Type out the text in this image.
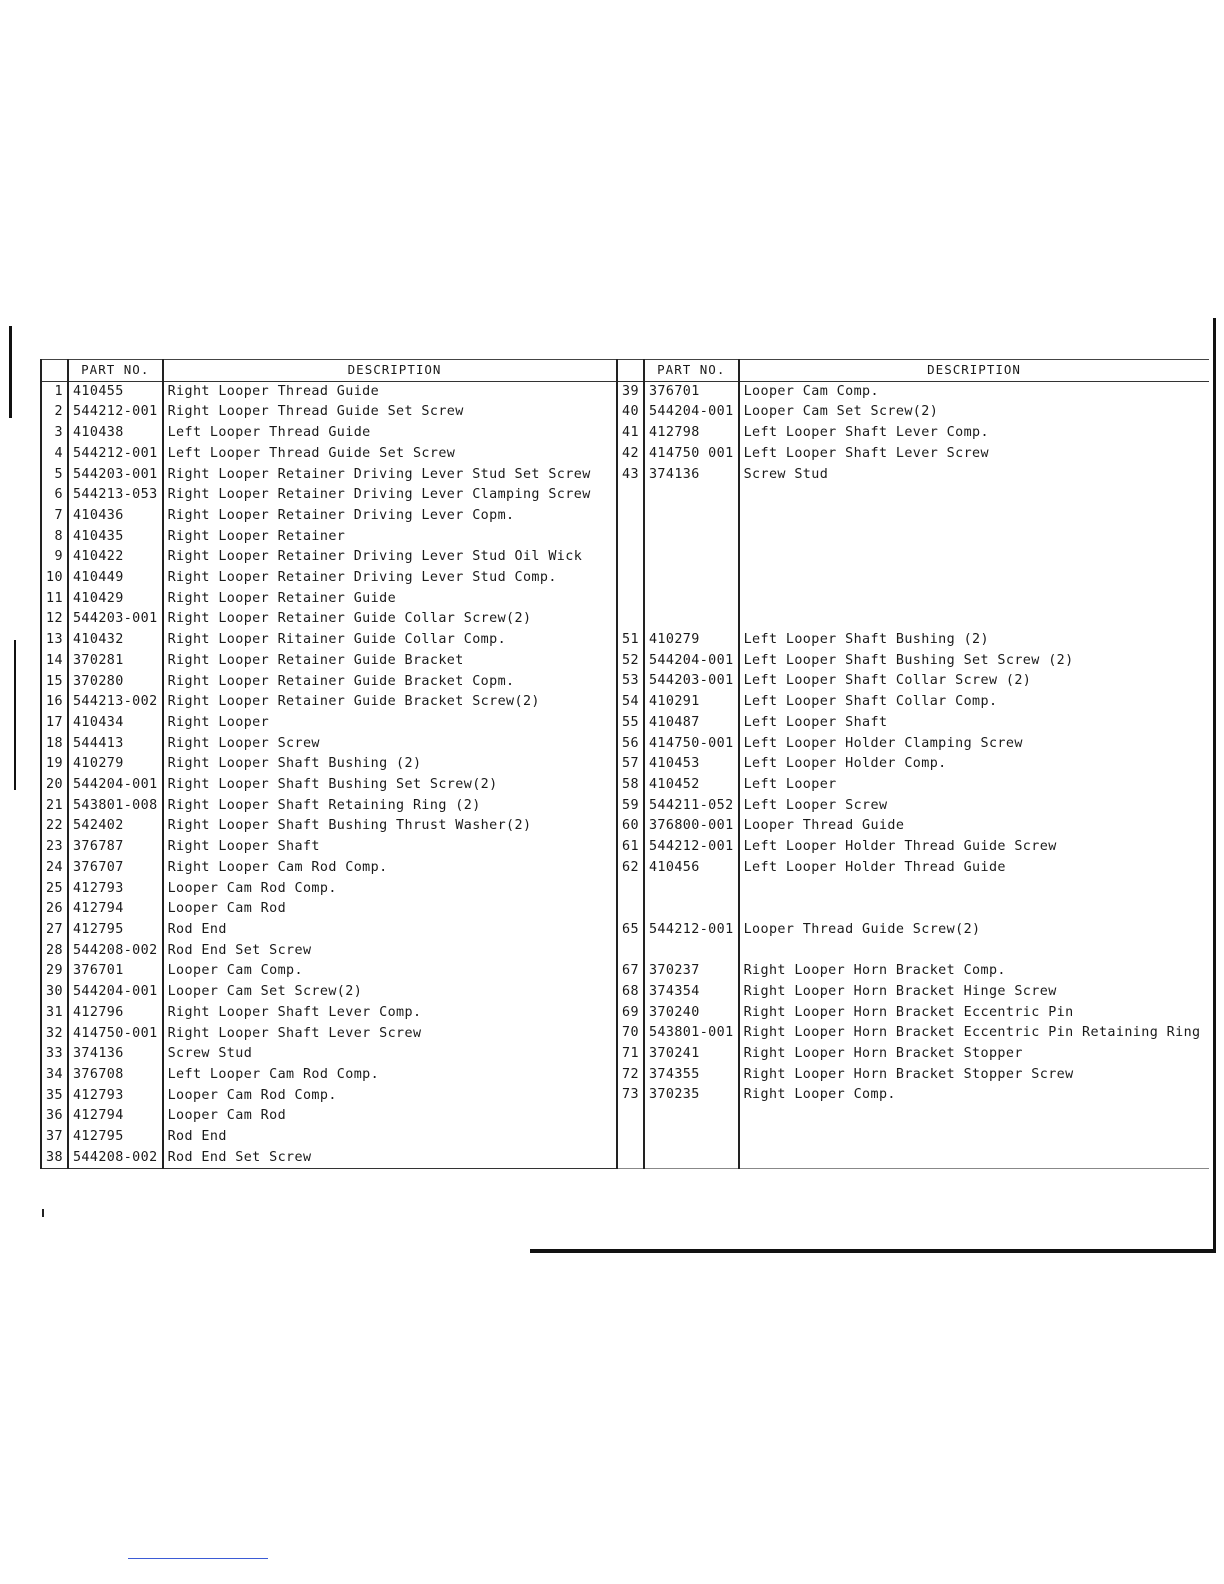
	PART NO.	DESCRIPTION
1	410455	Right Looper Thread Guide
2	544212-001	Right Looper Thread Guide Set Screw
3	410438	Left Looper Thread Guide
4	544212-001	Left Looper Thread Guide Set Screw
5	544203-001	Right Looper Retainer Driving Lever Stud Set Screw
6	544213-053	Right Looper Retainer Driving Lever Clamping Screw
7	410436	Right Looper Retainer Driving Lever Copm.
8	410435	Right Looper Retainer
9	410422	Right Looper Retainer Driving Lever Stud Oil Wick
10	410449	Right Looper Retainer Driving Lever Stud Comp.
11	410429	Right Looper Retainer Guide
12	544203-001	Right Looper Retainer Guide Collar Screw(2)
13	410432	Right Looper Ritainer Guide Collar Comp.
14	370281	Right Looper Retainer Guide Bracket
15	370280	Right Looper Retainer Guide Bracket Copm.
16	544213-002	Right Looper Retainer Guide Bracket Screw(2)
17	410434	Right Looper
18	544413	Right Looper Screw
19	410279	Right Looper Shaft Bushing (2)
20	544204-001	Right Looper Shaft Bushing Set Screw(2)
21	543801-008	Right Looper Shaft Retaining Ring (2)
22	542402	Right Looper Shaft Bushing Thrust Washer(2)
23	376787	Right Looper Shaft
24	376707	Right Looper Cam Rod Comp.
25	412793	Looper Cam Rod Comp.
26	412794	Looper Cam Rod
27	412795	Rod End
28	544208-002	Rod End Set Screw
29	376701	Looper Cam Comp.
30	544204-001	Looper Cam Set Screw(2)
31	412796	Right Looper Shaft Lever Comp.
32	414750-001	Right Looper Shaft Lever Screw
33	374136	Screw Stud
34	376708	Left Looper Cam Rod Comp.
35	412793	Looper Cam Rod Comp.
36	412794	Looper Cam Rod
37	412795	Rod End
38	544208-002	Rod End Set Screw
	PART NO.	DESCRIPTION
39	376701	Looper Cam Comp.
40	544204-001	Looper Cam Set Screw(2)
41	412798	Left Looper Shaft Lever Comp.
42	414750 001	Left Looper Shaft Lever Screw
43	374136	Screw Stud

51	410279	Left Looper Shaft Bushing (2)
52	544204-001	Left Looper Shaft Bushing Set Screw (2)
53	544203-001	Left Looper Shaft Collar Screw (2)
54	410291	Left Looper Shaft Collar Comp.
55	410487	Left Looper Shaft
56	414750-001	Left Looper Holder Clamping Screw
57	410453	Left Looper Holder Comp.
58	410452	Left Looper
59	544211-052	Left Looper Screw
60	376800-001	Looper Thread Guide
61	544212-001	Left Looper Holder Thread Guide Screw
62	410456	Left Looper Holder Thread Guide

65	544212-001	Looper Thread Guide Screw(2)

67	370237	Right Looper Horn Bracket Comp.
68	374354	Right Looper Horn Bracket Hinge Screw
69	370240	Right Looper Horn Bracket Eccentric Pin
70	543801-001	Right Looper Horn Bracket Eccentric Pin Retaining Ring
71	370241	Right Looper Horn Bracket Stopper
72	374355	Right Looper Horn Bracket Stopper Screw
73	370235	Right Looper Comp.
